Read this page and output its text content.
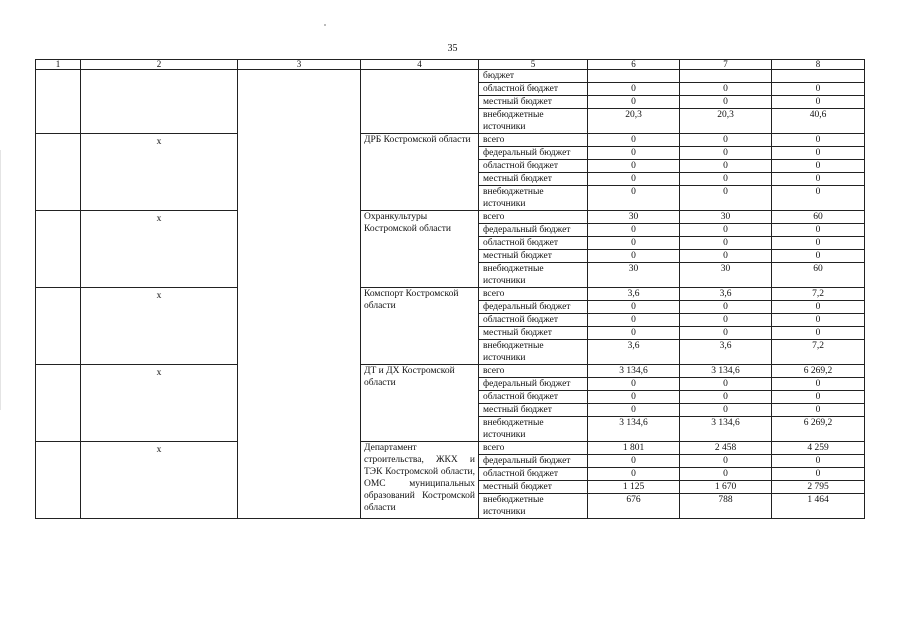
35
1	2	3	4	5	6	7	8
				бюджет			
				областной бюджет	0	0	0
				местный бюджет	0	0	0
				внебюджетные источники	20,3	20,3	40,6
	x		ДРБ Костромской области	всего	0	0	0
				федеральный бюджет	0	0	0
				областной бюджет	0	0	0
				местный бюджет	0	0	0
				внебюджетные источники	0	0	0
	x		Охранкультуры Костромской области	всего	30	30	60
				федеральный бюджет	0	0	0
				областной бюджет	0	0	0
				местный бюджет	0	0	0
				внебюджетные источники	30	30	60
	x		Комспорт Костромской области	всего	3,6	3,6	7,2
				федеральный бюджет	0	0	0
				областной бюджет	0	0	0
				местный бюджет	0	0	0
				внебюджетные источники	3,6	3,6	7,2
	x		ДТ и ДХ Костромской области	всего	3 134,6	3 134,6	6 269,2
				федеральный бюджет	0	0	0
				областной бюджет	0	0	0
				местный бюджет	0	0	0
				внебюджетные источники	3 134,6	3 134,6	6 269,2
	x		Департамент строительства, ЖКХ и ТЭК Костромской области, ОМС муниципальных образований Костромской области	всего	1 801	2 458	4 259
				федеральный бюджет	0	0	0
				областной бюджет	0	0	0
				местный бюджет	1 125	1 670	2 795
				внебюджетные источники	676	788	1 464
